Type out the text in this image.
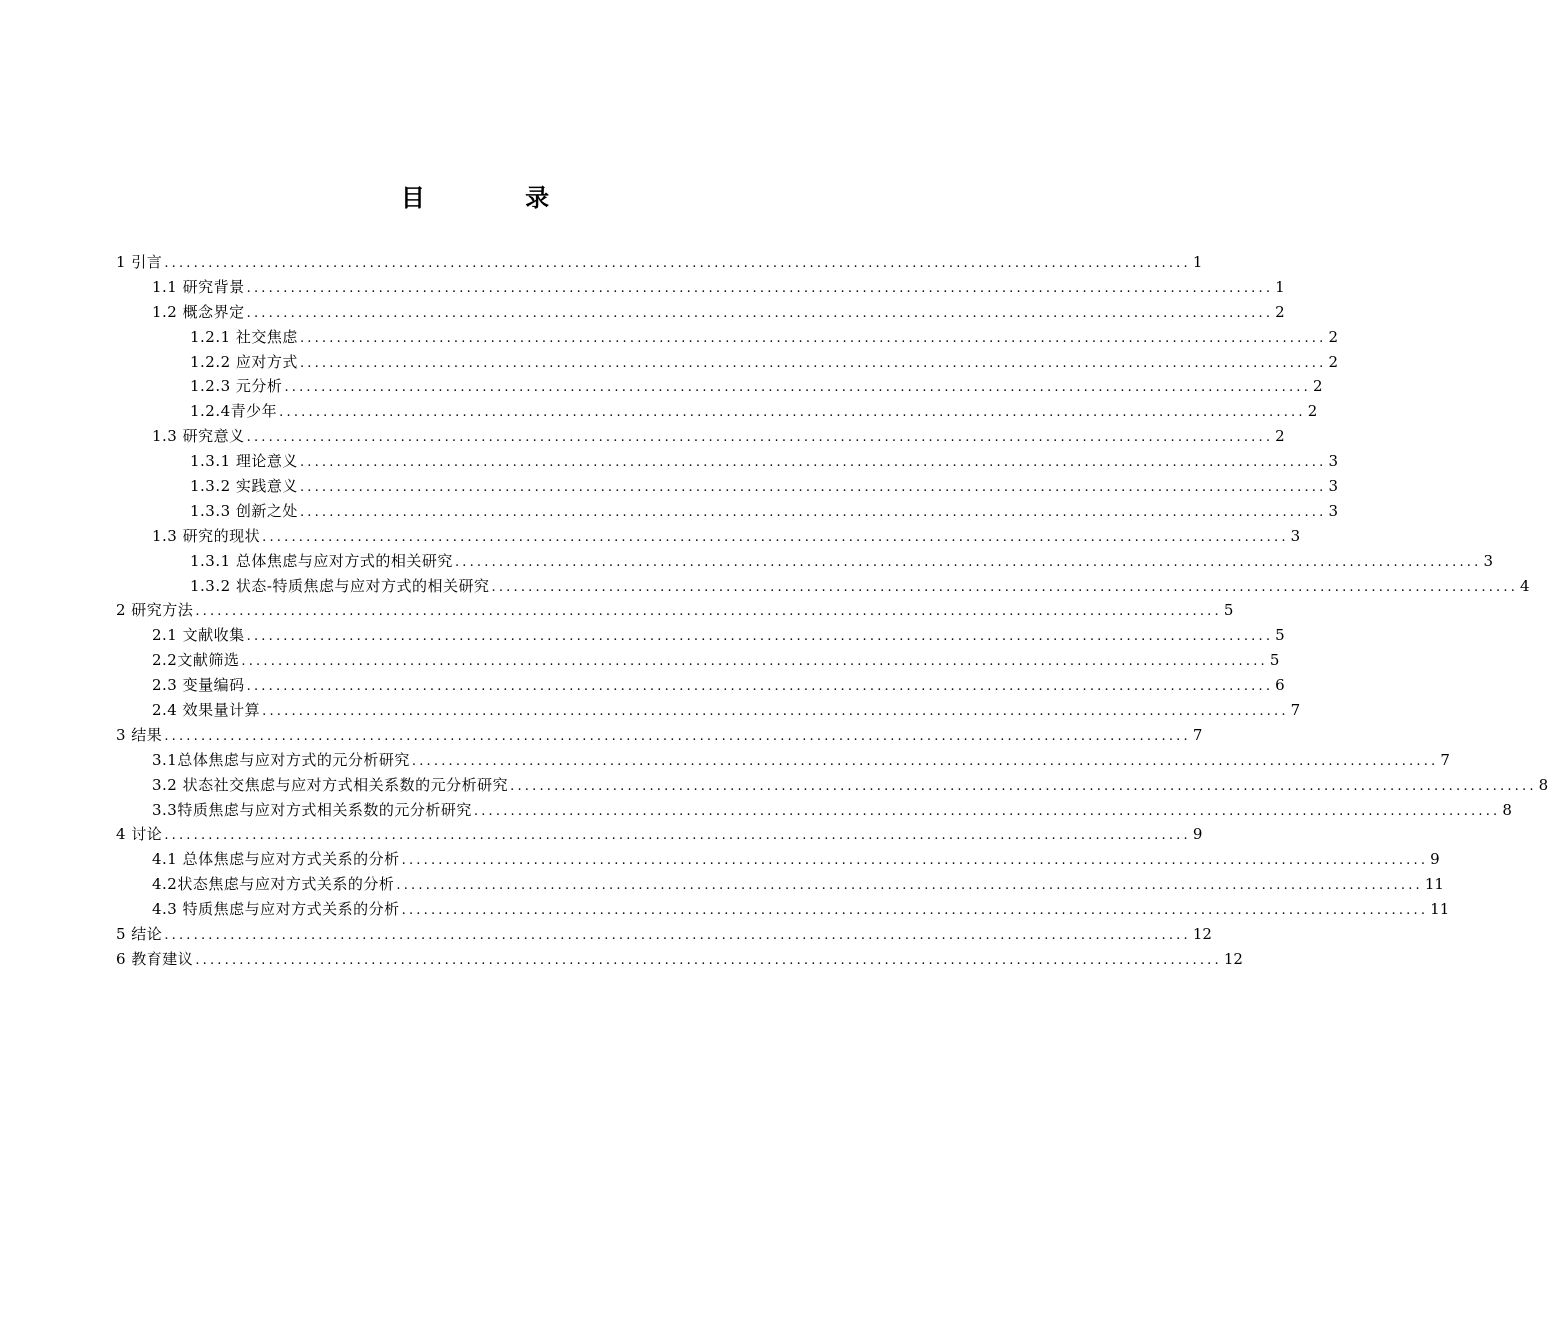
目 录
1 引言 ............................................................................................................................................ 1
1.1 研究背景 ............................................................................................................................................ 1
1.2 概念界定 ............................................................................................................................................ 2
1.2.1 社交焦虑 ............................................................................................................................................ 2
1.2.2 应对方式 ............................................................................................................................................ 2
1.2.3 元分析 ............................................................................................................................................ 2
1.2.4青少年 ............................................................................................................................................ 2
1.3 研究意义 ............................................................................................................................................ 2
1.3.1 理论意义 ............................................................................................................................................ 3
1.3.2 实践意义 ............................................................................................................................................ 3
1.3.3 创新之处 ............................................................................................................................................ 3
1.3 研究的现状 ............................................................................................................................................ 3
1.3.1 总体焦虑与应对方式的相关研究 ............................................................................................................................................ 3
1.3.2 状态-特质焦虑与应对方式的相关研究 ............................................................................................................................................ 4
2 研究方法 ............................................................................................................................................ 5
2.1 文献收集 ............................................................................................................................................ 5
2.2文献筛选 ............................................................................................................................................ 5
2.3 变量编码 ............................................................................................................................................ 6
2.4 效果量计算 ............................................................................................................................................ 7
3 结果 ............................................................................................................................................ 7
3.1总体焦虑与应对方式的元分析研究 ............................................................................................................................................ 7
3.2 状态社交焦虑与应对方式相关系数的元分析研究 ............................................................................................................................................ 8
3.3特质焦虑与应对方式相关系数的元分析研究 ............................................................................................................................................ 8
4 讨论 ............................................................................................................................................ 9
4.1 总体焦虑与应对方式关系的分析 ............................................................................................................................................ 9
4.2状态焦虑与应对方式关系的分析 ............................................................................................................................................ 11
4.3 特质焦虑与应对方式关系的分析 ............................................................................................................................................ 11
5 结论 ............................................................................................................................................ 12
6 教育建议 ............................................................................................................................................ 12
